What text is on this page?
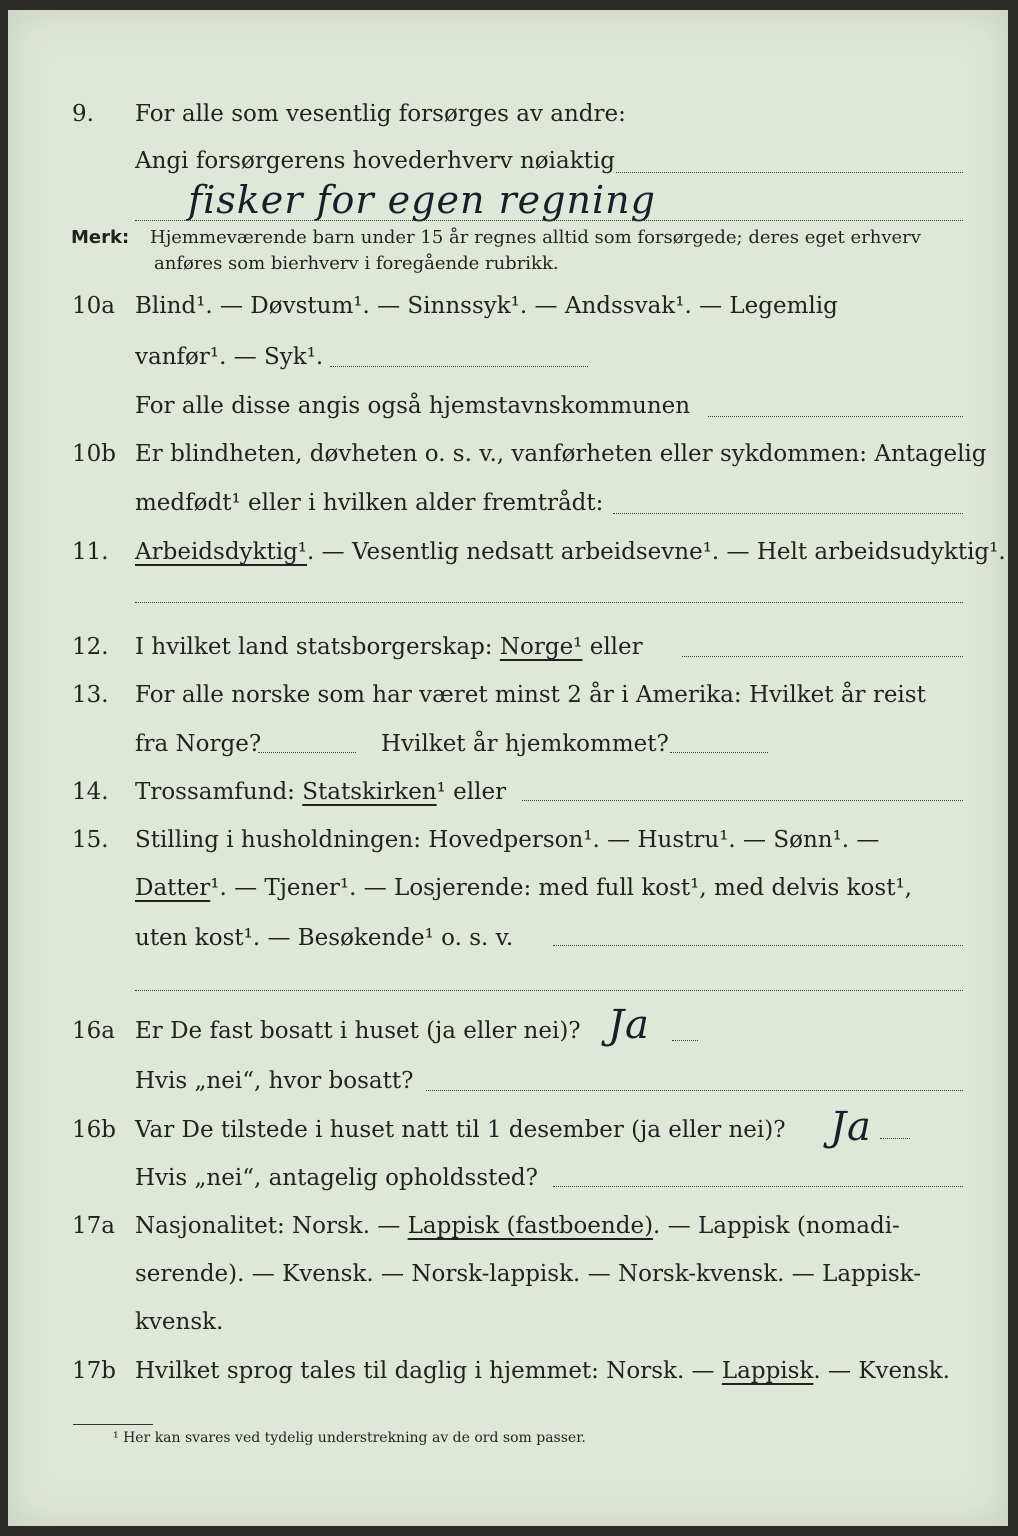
9. For alle som vesentlig forsørges av andre:
Angi forsørgerens hovederhverv nøiaktig
fisker for egen regning
Merk: Hjemmeværende barn under 15 år regnes alltid som forsørgede; deres eget erhverv
anføres som bierhverv i foregående rubrikk.
10a Blind¹. — Døvstum¹. — Sinnssyk¹. — Andssvak¹. — Legemlig
vanfør¹. — Syk¹.
For alle disse angis også hjemstavnskommunen
10b Er blindheten, døvheten o. s. v., vanførheten eller sykdommen: Antagelig
medfødt¹ eller i hvilken alder fremtrådt:
11. Arbeidsdyktig¹. — Vesentlig nedsatt arbeidsevne¹. — Helt arbeidsudyktig¹.
12. I hvilket land statsborgerskap: Norge¹ eller
13. For alle norske som har været minst 2 år i Amerika: Hvilket år reist
fra Norge?	Hvilket år hjemkommet?
14. Trossamfund: Statskirken¹ eller
15. Stilling i husholdningen: Hovedperson¹. — Hustru¹. — Sønn¹. —
Datter¹. — Tjener¹. — Losjerende: med full kost¹, med delvis kost¹,
uten kost¹. — Besøkende¹ o. s. v.
16a Er De fast bosatt i huset (ja eller nei)? Ja
Hvis „nei“, hvor bosatt?
16b Var De tilstede i huset natt til 1 desember (ja eller nei)? Ja
Hvis „nei“, antagelig opholdssted?
17a Nasjonalitet: Norsk. — Lappisk (fastboende). — Lappisk (nomadi-
serende). — Kvensk. — Norsk-lappisk. — Norsk-kvensk. — Lappisk-
kvensk.
17b Hvilket sprog tales til daglig i hjemmet: Norsk. — Lappisk. — Kvensk.
¹ Her kan svares ved tydelig understrekning av de ord som passer.
